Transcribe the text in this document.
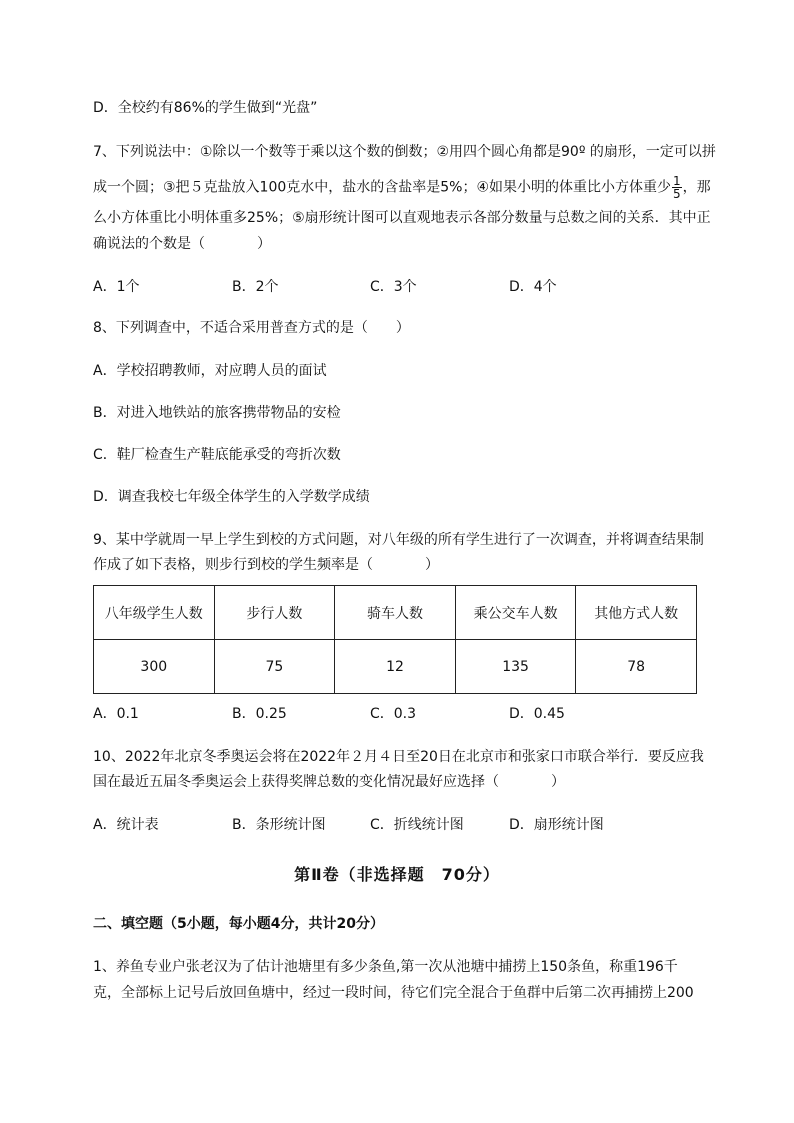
D．全校约有86%的学生做到“光盘”
7、下列说法中：①除以一个数等于乘以这个数的倒数；②用四个圆心角都是90º 的扇形，一定可以拼
成一个圆；③把５克盐放入100克水中，盐水的含盐率是5%；④如果小明的体重比小方体重少 $\frac{1}{5}$ ，那
么小方体重比小明体重多25%；⑤扇形统计图可以直观地表示各部分数量与总数之间的关系．其中正
确说法的个数是（	）
A．1个	B．2个	C．3个	D．4个
8、下列调查中，不适合采用普查方式的是（　　）
A．学校招聘教师，对应聘人员的面试
B．对进入地铁站的旅客携带物品的安检
C．鞋厂检查生产鞋底能承受的弯折次数
D．调查我校七年级全体学生的入学数学成绩
9、某中学就周一早上学生到校的方式问题，对八年级的所有学生进行了一次调查，并将调查结果制
作成了如下表格，则步行到校的学生频率是（	）
八年级学生人数	步行人数	骑车人数	乘公交车人数	其他方式人数
300	75	12	135	78
A．0.1	B．0.25	C．0.3	D．0.45
10、2022年北京冬季奥运会将在2022年２月４日至20日在北京市和张家口市联合举行．要反应我
国在最近五届冬季奥运会上获得奖牌总数的变化情况最好应选择（	）
A．统计表	B．条形统计图	C．折线统计图	D．扇形统计图
第Ⅱ卷（非选择题　70分）
二、填空题（5小题，每小题4分，共计20分）
1、养鱼专业户张老汉为了估计池塘里有多少条鱼,第一次从池塘中捕捞上150条鱼，称重196千
克，全部标上记号后放回鱼塘中，经过一段时间，待它们完全混合于鱼群中后第二次再捕捞上200
